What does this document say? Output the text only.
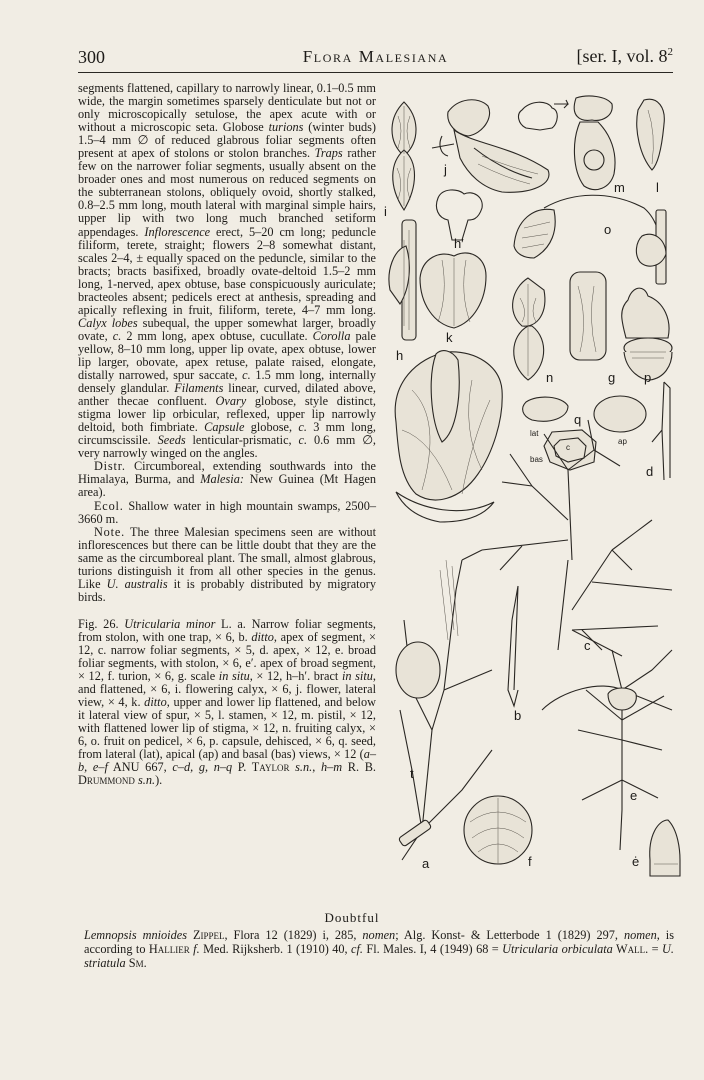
300	Flora Malesiana	[ser. I, vol. $8^2$

segments flattened, capillary to narrowly linear, 0.1–0.5 mm wide, the margin sometimes sparsely denticulate but not or only microscopically setulose, the apex acute with or without a microscopic seta. Globose turions (winter buds) 1.5–4 mm ∅ of reduced glabrous foliar segments often present at apex of stolons or stolon branches. Traps rather few on the narrower foliar segments, usually absent on the broader ones and most numerous on reduced segments on the subterranean stolons, obliquely ovoid, shortly stalked, 0.8–2.5 mm long, mouth lateral with marginal simple hairs, upper lip with two long much branched setiform appendages. Inflorescence erect, 5–20 cm long; peduncle filiform, terete, straight; flowers 2–8 somewhat distant, scales 2–4, ± equally spaced on the peduncle, similar to the bracts; bracts basifixed, broadly ovate-deltoid 1.5–2 mm long, 1-nerved, apex obtuse, base conspicuously auriculate; bracteoles absent; pedicels erect at anthesis, spreading and apically reflexing in fruit, filiform, terete, 4–7 mm long. Calyx lobes subequal, the upper somewhat larger, broadly ovate, c. 2 mm long, apex obtuse, cucullate. Corolla pale yellow, 8–10 mm long, upper lip ovate, apex obtuse, lower lip larger, obovate, apex retuse, palate raised, elongate, distally narrowed, spur saccate, c. 1.5 mm long, internally densely glandular. Filaments linear, curved, dilated above, anther thecae confluent. Ovary globose, style distinct, stigma lower lip orbicular, reflexed, upper lip narrowly deltoid, both fimbriate. Capsule globose, c. 3 mm long, circumscissile. Seeds lenticular-prismatic, c. 0.6 mm ∅, very narrowly winged on the angles.

Distr. Circumboreal, extending southwards into the Himalaya, Burma, and Malesia: New Guinea (Mt Hagen area).

Ecol. Shallow water in high mountain swamps, 2500–3660 m.

Note. The three Malesian specimens seen are without inflorescences but there can be little doubt that they are the same as the circumboreal plant. The small, almost glabrous, turions distinguish it from all other species in the genus. Like U. australis it is probably distributed by migratory birds.

Fig. 26. Utricularia minor L. a. Narrow foliar segments, from stolon, with one trap, × 6, b. ditto, apex of segment, × 12, c. narrow foliar segments, × 5, d. apex, × 12, e. broad foliar segments, with stolon, × 6, e′. apex of broad segment, × 12, f. turion, × 6, g. scale in situ, × 12, h–h′. bract in situ, and flattened, × 6, i. flowering calyx, × 6, j. flower, lateral view, × 4, k. ditto, upper and lower lip flattened, and below it lateral view of spur, × 5, l. stamen, × 12, m. pistil, × 12, with flattened lower lip of stigma, × 12, n. fruiting calyx, × 6, o. fruit on pedicel, × 6, p. capsule, dehisced, × 6, q. seed, from lateral (lat), apical (ap) and basal (bas) views, × 12 (a–b, e–f ANU 667, c–d, g, n–q P. Taylor s.n., h–m R. B. Drummond s.n.).

i
j
m l
h
h′
o
k
n	g p
q
lat
ap
bas
c
d
c
b
t
e
a	f	ė
Doubtful

Lemnopsis mnioides Zippel, Flora 12 (1829) i, 285, nomen; Alg. Konst- & Letterbode 1 (1829) 297, nomen, is according to Hallier f. Med. Rijksherb. 1 (1910) 40, cf. Fl. Males. I, 4 (1949) 68 = Utricularia orbiculata Wall. = U. striatula Sm.
